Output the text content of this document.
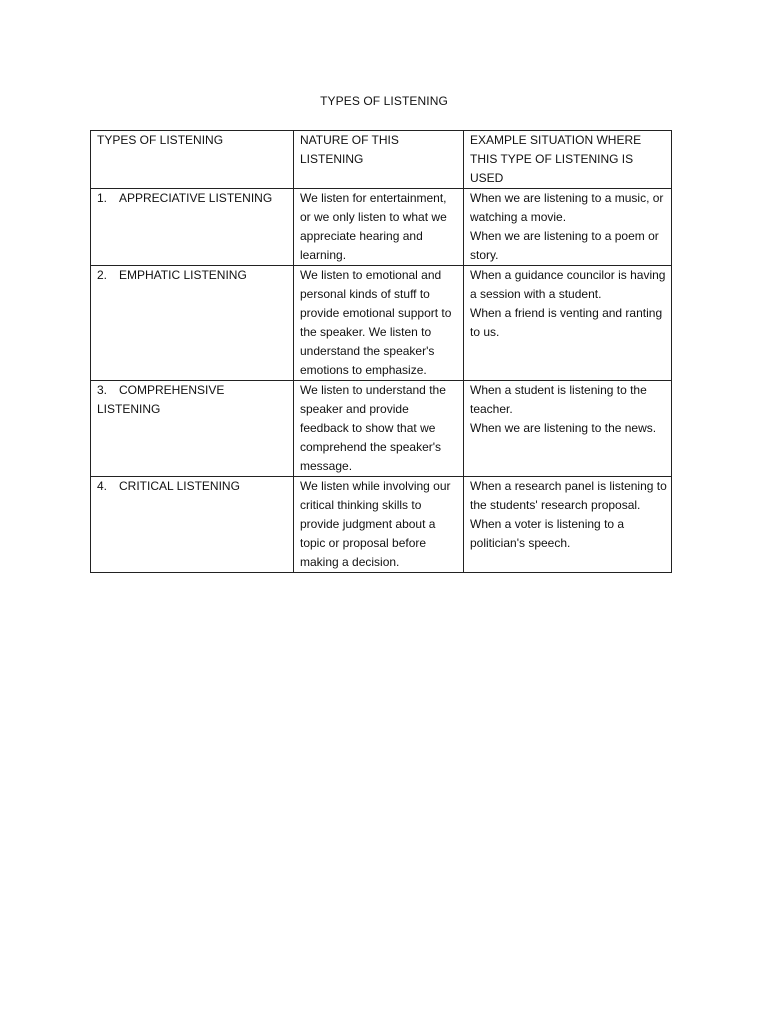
TYPES OF LISTENING
TYPES OF LISTENING	NATURE OF THIS LISTENING	EXAMPLE SITUATION WHERE THIS TYPE OF LISTENING IS USED
1. APPRECIATIVE LISTENING	We listen for entertainment, or we only listen to what we appreciate hearing and learning.	When we are listening to a music, or watching a movie.
When we are listening to a poem or story.

2. EMPHATIC LISTENING	We listen to emotional and personal kinds of stuff to provide emotional support to the speaker. We listen to understand the speaker's emotions to emphasize.	When a guidance councilor is having a session with a student.
When a friend is venting and ranting to us.

3. COMPREHENSIVE LISTENING	We listen to understand the speaker and provide feedback to show that we comprehend the speaker's message.	When a student is listening to the teacher.
When we are listening to the news.

4. CRITICAL LISTENING	We listen while involving our critical thinking skills to provide judgment about a topic or proposal before making a decision.	When a research panel is listening to the students' research proposal.
When a voter is listening to a politician's speech.
